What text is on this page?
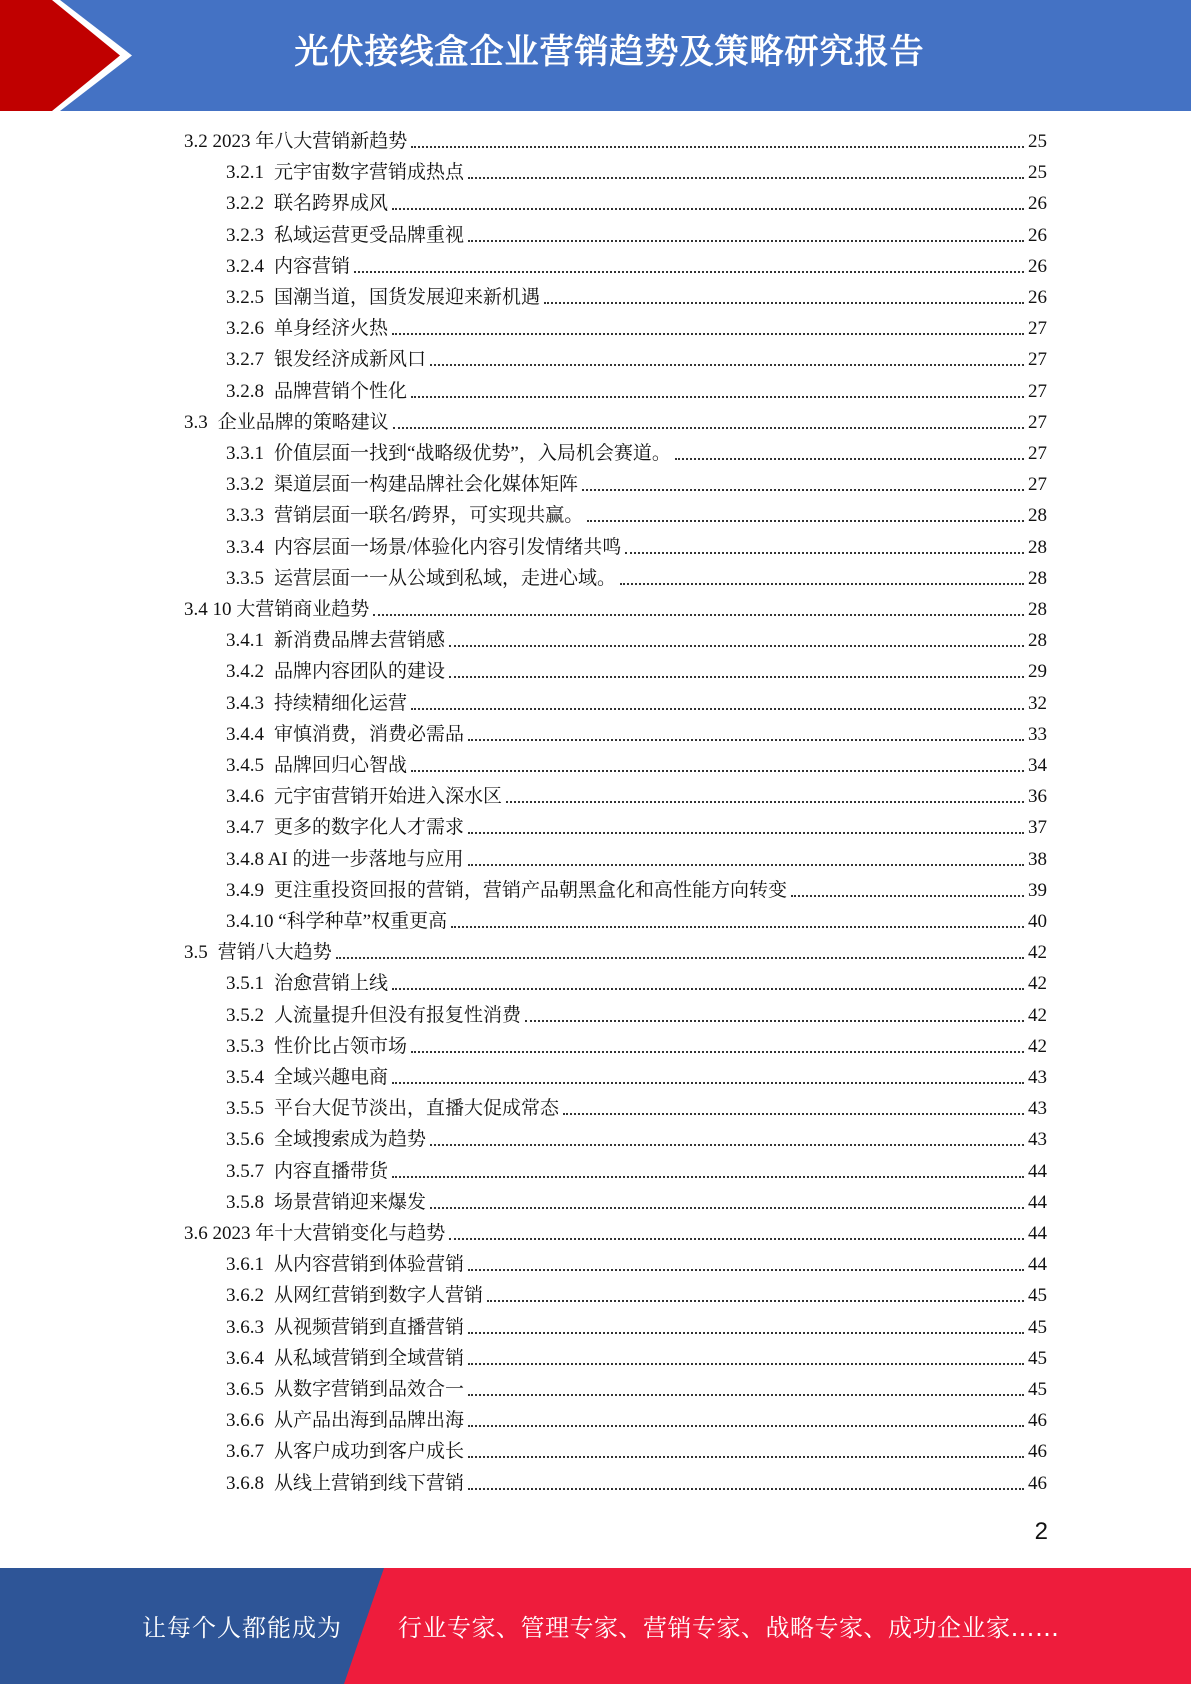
光伏接线盒企业营销趋势及策略研究报告
3.2 2023 年八大营销新趋势	25
3.2.1 元宇宙数字营销成热点	25
3.2.2 联名跨界成风	26
3.2.3 私域运营更受品牌重视	26
3.2.4 内容营销	26
3.2.5 国潮当道，国货发展迎来新机遇	26
3.2.6 单身经济火热	27
3.2.7 银发经济成新风口	27
3.2.8 品牌营销个性化	27
3.3 企业品牌的策略建议	27
3.3.1 价值层面一找到“战略级优势”，入局机会赛道。	27
3.3.2 渠道层面一构建品牌社会化媒体矩阵	27
3.3.3 营销层面一联名/跨界，可实现共赢。	28
3.3.4 内容层面一场景/体验化内容引发情绪共鸣	28
3.3.5 运营层面一一从公域到私域，走进心域。	28
3.4 10 大营销商业趋势	28
3.4.1 新消费品牌去营销感	28
3.4.2 品牌内容团队的建设	29
3.4.3 持续精细化运营	32
3.4.4 审慎消费，消费必需品	33
3.4.5 品牌回归心智战	34
3.4.6 元宇宙营销开始进入深水区	36
3.4.7 更多的数字化人才需求	37
3.4.8 AI 的进一步落地与应用	38
3.4.9 更注重投资回报的营销，营销产品朝黑盒化和高性能方向转变	39
3.4.10 “科学种草”权重更高	40
3.5 营销八大趋势	42
3.5.1 治愈营销上线	42
3.5.2 人流量提升但没有报复性消费	42
3.5.3 性价比占领市场	42
3.5.4 全域兴趣电商	43
3.5.5 平台大促节淡出，直播大促成常态	43
3.5.6 全域搜索成为趋势	43
3.5.7 内容直播带货	44
3.5.8 场景营销迎来爆发	44
3.6 2023 年十大营销变化与趋势	44
3.6.1 从内容营销到体验营销	44
3.6.2 从网红营销到数字人营销	45
3.6.3 从视频营销到直播营销	45
3.6.4 从私域营销到全域营销	45
3.6.5 从数字营销到品效合一	45
3.6.6 从产品出海到品牌出海	46
3.6.7 从客户成功到客户成长	46
3.6.8 从线上营销到线下营销	46
2
让每个人都能成为 行业专家、管理专家、营销专家、战略专家、成功企业家……
